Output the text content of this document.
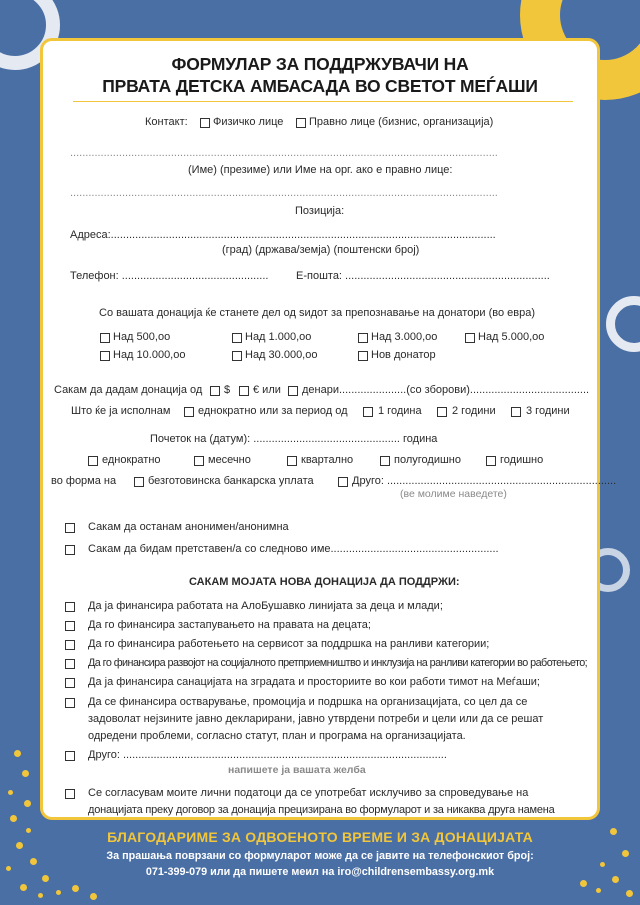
ФОРМУЛАР ЗА ПОДДРЖУВАЧИ НА
ПРВАТА ДЕТСКА АМБАСАДА ВО СВЕТОТ МЕЃАШИ
Контакт: Физичко лице Правно лице (бизнис, организација)
............................................................................................................................................
(Име) (презиме) или Име на орг. ако е правно лице:
............................................................................................................................................
Позиција:
Адреса:..............................................................................................................................
(град) (држава/земја) (поштенски број)
Телефон: ................................................	Е-пошта: ...................................................................
Со вашата донација ќе станете дел од ѕидот за препознавање на донатори (во евра)
Над 500,оо	Над 1.000,оо	Над 3.000,оо	Над 5.000,оо
Над 10.000,оо	Над 30.000,оо	Нов донатор
Сакам да дадам донација од $ € или денари......................(со зборови).......................................
Што ќе ја исполнам	еднократно или за период од	1 година	2 години	3 години
Почеток на (датум): ................................................ година
еднократно	месечно	квартално	полугодишно	годишно
во форма на	безготовинска банкарска уплата	Друго: ...........................................................................
(ве молиме наведете)
Сакам да останам анонимен/анонимна
Сакам да бидам претставен/а со следново име.......................................................
САКАМ МОЈАТА НОВА ДОНАЦИЈА ДА ПОДДРЖИ:
Да ја финансира работата на АлоБушавко линијата за деца и млади;
Да го финансира застапувањето на правата на децата;
Да го финансира работењето на сервисот за поддршка на ранливи категории;
Да го финансира развојот на социјалното претприемништво и инклузија на ранливи категории во работењето;
Да ја финансира санацијата на зградата и просториите во кои работи тимот на Меѓаши;
Да се финансира остварување, промоција и подршка на организацијата, со цел да се
задоволат нејзините јавно декларирани, јавно утврдени потреби и цели или да се решат
одредени проблеми, согласно статут, план и програма на организацијата.
Друго: ..........................................................................................................
напишете ја вашата желба
Се согласувам моите лични податоци да се употребат исклучиво за спроведување на
донацијата преку договор за донација прецизирана во формуларот и за никаква друга намена
БЛАГОДАРИМЕ ЗА ОДВОЕНОТО ВРЕМЕ И ЗА ДОНАЦИЈАТА
За прашања поврзани со формуларот може да се јавите на телефонскиот број:
071-399-079 или да пишете меил на iro@childrensembassy.org.mk
